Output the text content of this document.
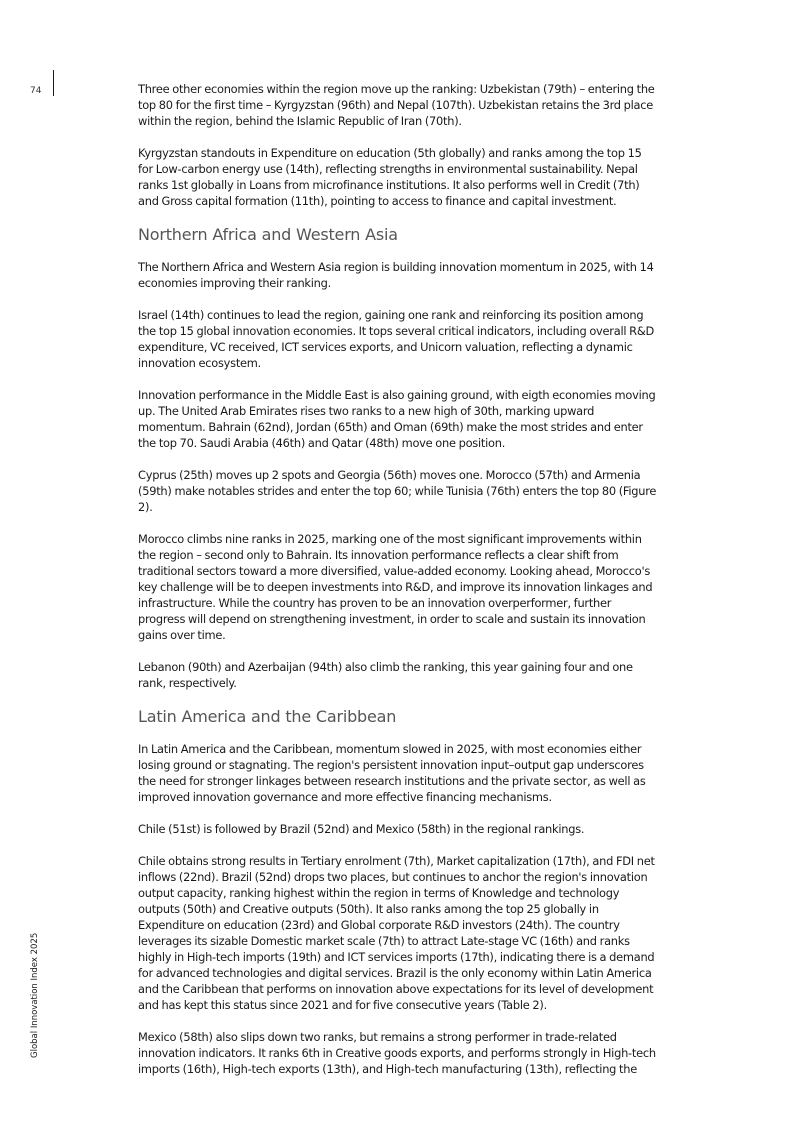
74
Global Innovation Index 2025

Three other economies within the region move up the ranking: Uzbekistan (79th) – entering the top 80 for the first time – Kyrgyzstan (96th) and Nepal (107th). Uzbekistan retains the 3rd place within the region, behind the Islamic Republic of Iran (70th).

Kyrgyzstan standouts in Expenditure on education (5th globally) and ranks among the top 15 for Low-carbon energy use (14th), reflecting strengths in environmental sustainability. Nepal ranks 1st globally in Loans from microfinance institutions. It also performs well in Credit (7th) and Gross capital formation (11th), pointing to access to finance and capital investment.

Northern Africa and Western Asia

The Northern Africa and Western Asia region is building innovation momentum in 2025, with 14 economies improving their ranking.

Israel (14th) continues to lead the region, gaining one rank and reinforcing its position among the top 15 global innovation economies. It tops several critical indicators, including overall R&D expenditure, VC received, ICT services exports, and Unicorn valuation, reflecting a dynamic innovation ecosystem.

Innovation performance in the Middle East is also gaining ground, with eigth economies moving up. The United Arab Emirates rises two ranks to a new high of 30th, marking upward momentum. Bahrain (62nd), Jordan (65th) and Oman (69th) make the most strides and enter the top 70. Saudi Arabia (46th) and Qatar (48th) move one position.

Cyprus (25th) moves up 2 spots and Georgia (56th) moves one. Morocco (57th) and Armenia (59th) make notables strides and enter the top 60; while Tunisia (76th) enters the top 80 (Figure 2).

Morocco climbs nine ranks in 2025, marking one of the most significant improvements within the region – second only to Bahrain. Its innovation performance reflects a clear shift from traditional sectors toward a more diversified, value-added economy. Looking ahead, Morocco's key challenge will be to deepen investments into R&D, and improve its innovation linkages and infrastructure. While the country has proven to be an innovation overperformer, further progress will depend on strengthening investment, in order to scale and sustain its innovation gains over time.

Lebanon (90th) and Azerbaijan (94th) also climb the ranking, this year gaining four and one rank, respectively.

Latin America and the Caribbean

In Latin America and the Caribbean, momentum slowed in 2025, with most economies either losing ground or stagnating. The region's persistent innovation input–output gap underscores the need for stronger linkages between research institutions and the private sector, as well as improved innovation governance and more effective financing mechanisms.

Chile (51st) is followed by Brazil (52nd) and Mexico (58th) in the regional rankings.

Chile obtains strong results in Tertiary enrolment (7th), Market capitalization (17th), and FDI net inflows (22nd). Brazil (52nd) drops two places, but continues to anchor the region's innovation output capacity, ranking highest within the region in terms of Knowledge and technology outputs (50th) and Creative outputs (50th). It also ranks among the top 25 globally in Expenditure on education (23rd) and Global corporate R&D investors (24th). The country leverages its sizable Domestic market scale (7th) to attract Late-stage VC (16th) and ranks highly in High-tech imports (19th) and ICT services imports (17th), indicating there is a demand for advanced technologies and digital services. Brazil is the only economy within Latin America and the Caribbean that performs on innovation above expectations for its level of development and has kept this status since 2021 and for five consecutive years (Table 2).

Mexico (58th) also slips down two ranks, but remains a strong performer in trade-related innovation indicators. It ranks 6th in Creative goods exports, and performs strongly in High-tech imports (16th), High-tech exports (13th), and High-tech manufacturing (13th), reflecting the
